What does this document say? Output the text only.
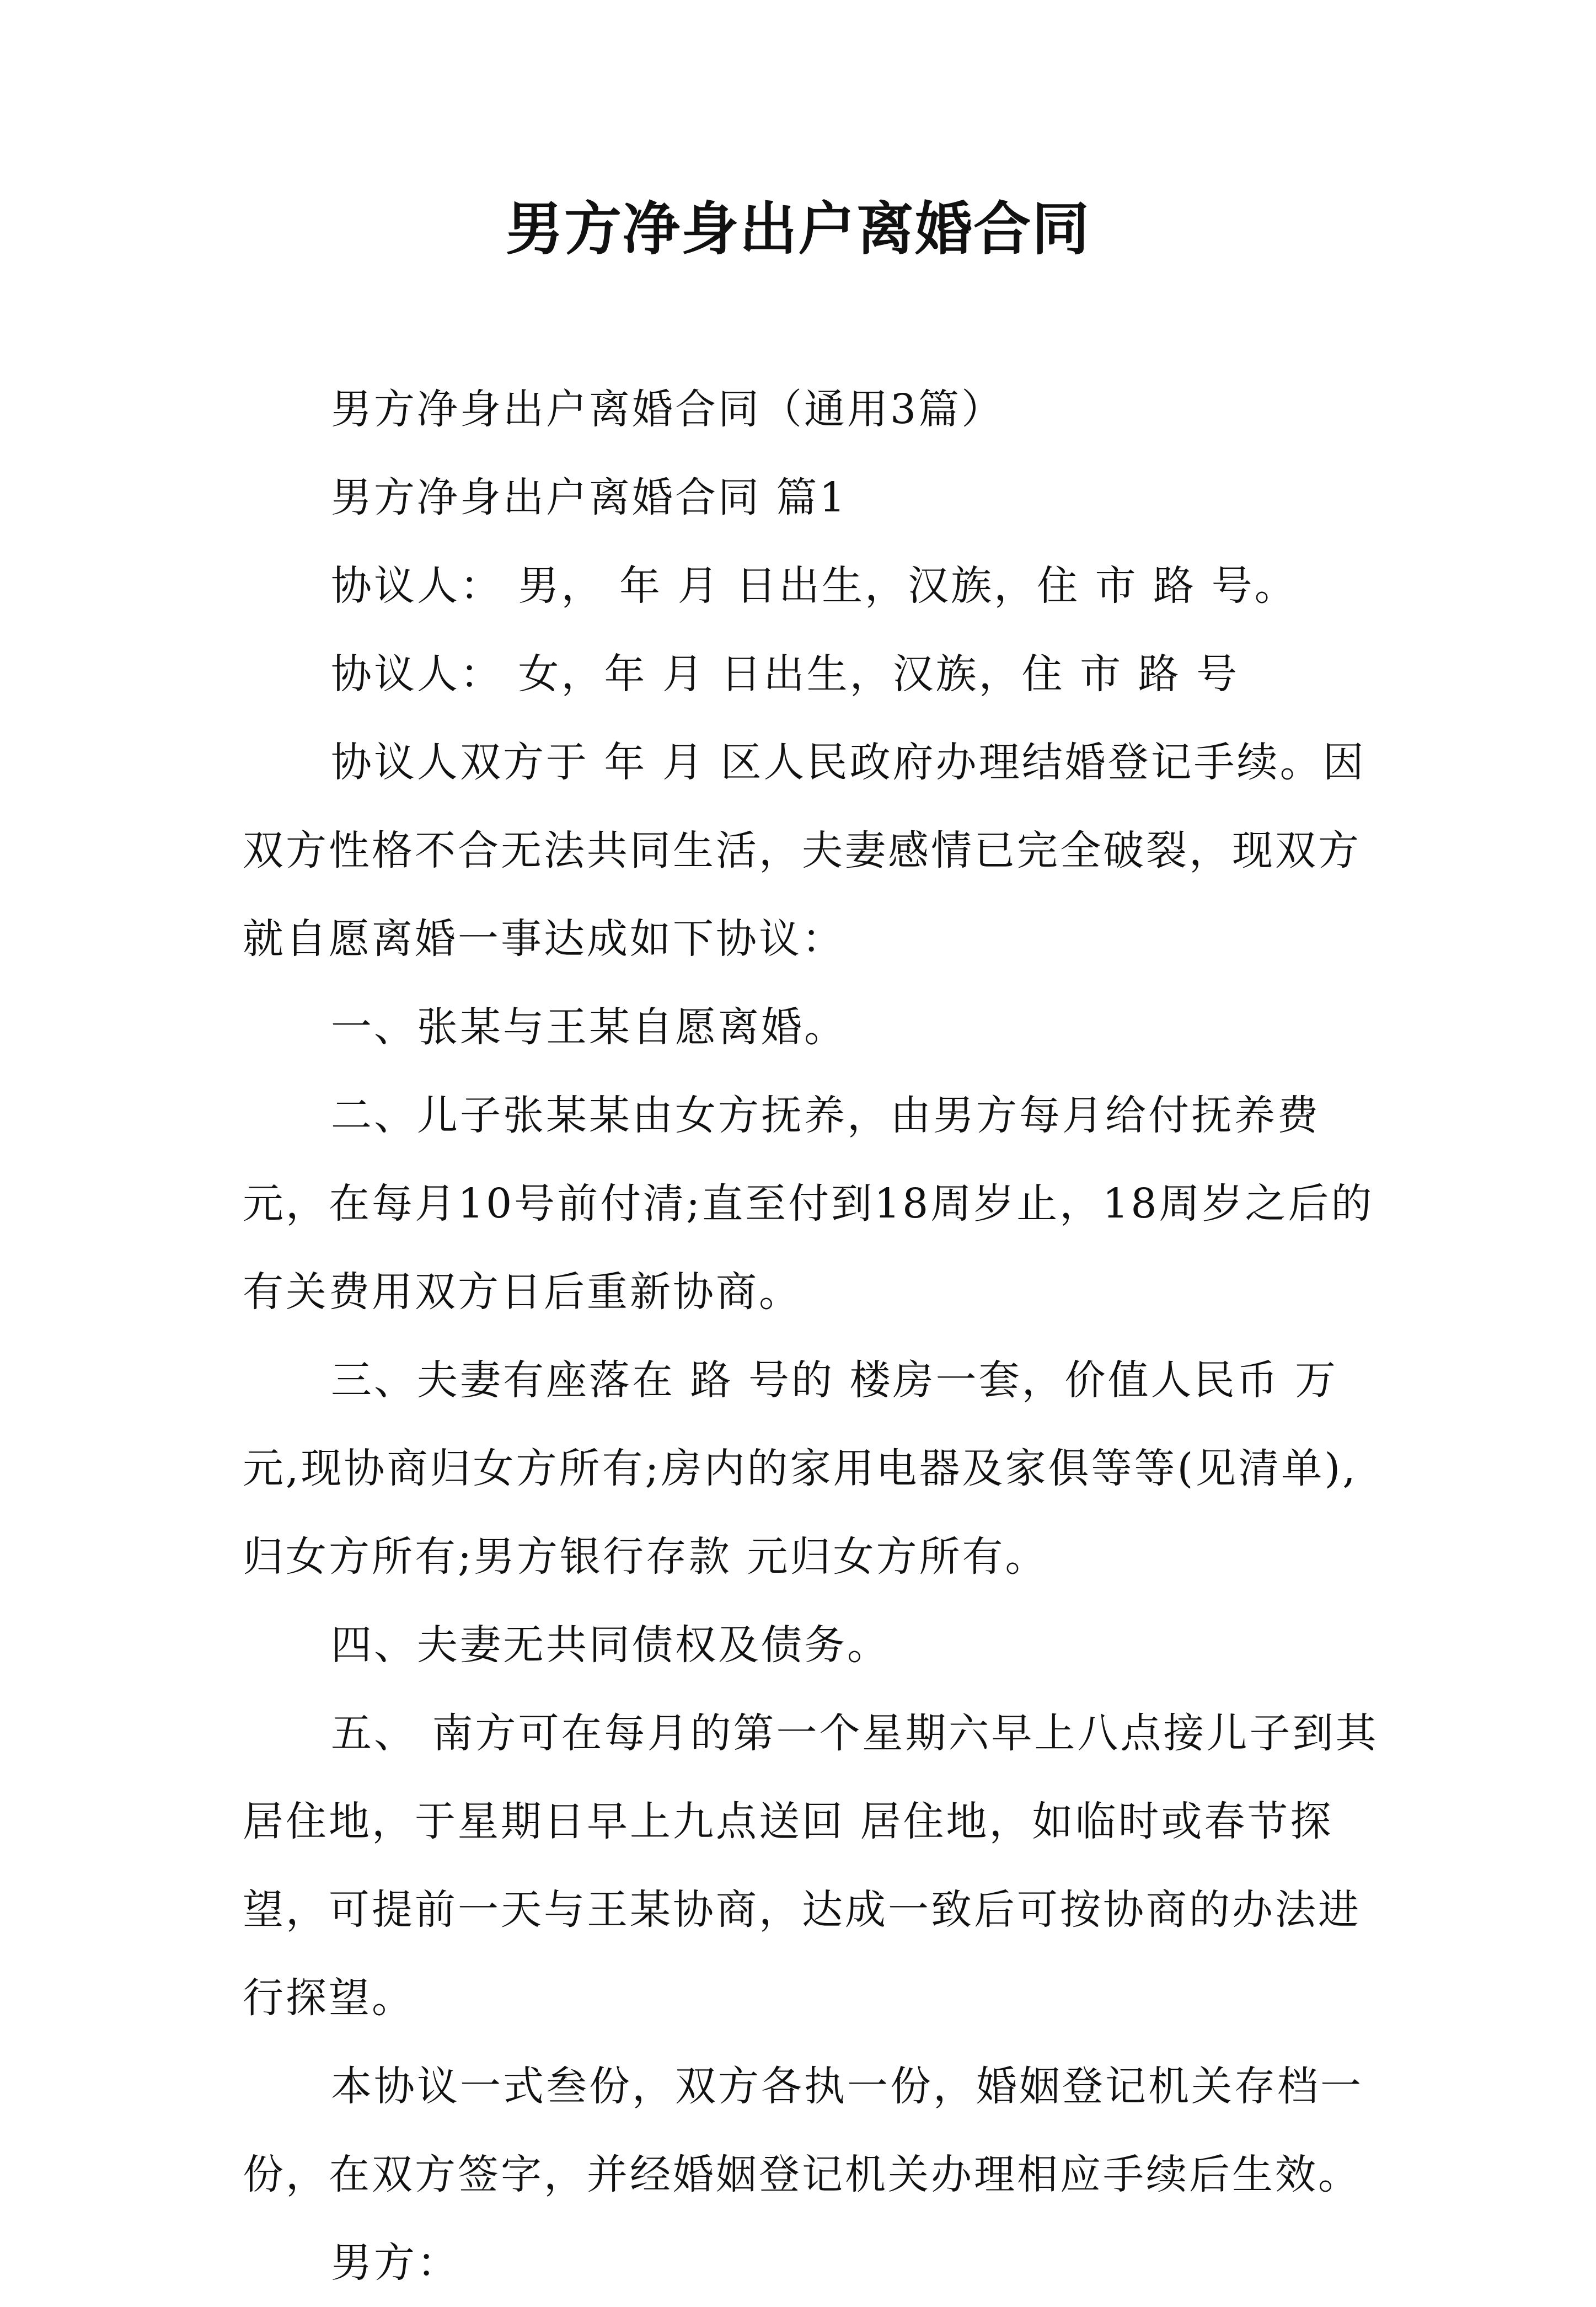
男方净身出户离婚合同

男方净身出户离婚合同（通用3篇）

男方净身出户离婚合同 篇1

协议人： 男， 年 月 日出生，汉族，住 市 路 号。

协议人： 女，年 月 日出生，汉族，住 市 路 号

协议人双方于 年 月 区人民政府办理结婚登记手续。因双方性格不合无法共同生活，夫妻感情已完全破裂，现双方就自愿离婚一事达成如下协议：

一、张某与王某自愿离婚。

二、儿子张某某由女方抚养，由男方每月给付抚养费 元，在每月10号前付清;直至付到18周岁止，18周岁之后的有关费用双方日后重新协商。

三、夫妻有座落在 路 号的 楼房一套，价值人民币 万元,现协商归女方所有;房内的家用电器及家俱等等(见清单),归女方所有;男方银行存款 元归女方所有。

四、夫妻无共同债权及债务。

五、 南方可在每月的第一个星期六早上八点接儿子到其居住地，于星期日早上九点送回 居住地，如临时或春节探望，可提前一天与王某协商，达成一致后可按协商的办法进行探望。

本协议一式叁份，双方各执一份，婚姻登记机关存档一份，在双方签字，并经婚姻登记机关办理相应手续后生效。

男方：
